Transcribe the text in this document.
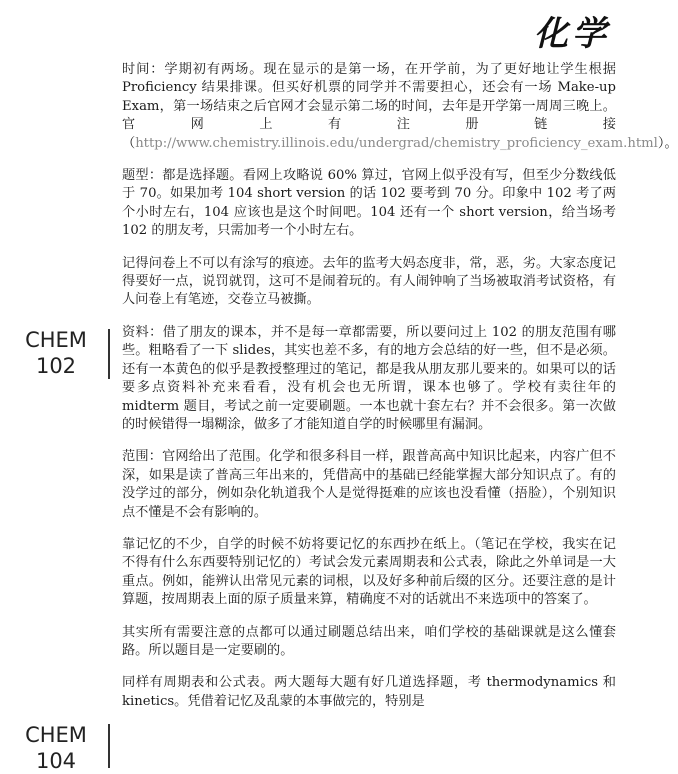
化学
CHEM
102
CHEM
104

时间：学期初有两场。现在显示的是第一场，在开学前，为了更好地让学生根据 Proficiency 结果排课。但买好机票的同学并不需要担心，还会有一场 Make-up Exam，第一场结束之后官网才会显示第二场的时间，去年是开学第一周周三晚上。官网上有注册链接（http://www.chemistry.illinois.edu/undergrad/chemistry_proficiency_exam.html）。

题型：都是选择题。看网上攻略说 60% 算过，官网上似乎没有写，但至少分数线低于 70。如果加考 104 short version 的话 102 要考到 70 分。印象中 102 考了两个小时左右，104 应该也是这个时间吧。104 还有一个 short version，给当场考 102 的朋友考，只需加考一个小时左右。

记得问卷上不可以有涂写的痕迹。去年的监考大妈态度非，常，恶，劣。大家态度记得要好一点，说罚就罚，这可不是闹着玩的。有人闹钟响了当场被取消考试资格，有人问卷上有笔迹，交卷立马被撕。

资料：借了朋友的课本，并不是每一章都需要，所以要问过上 102 的朋友范围有哪些。粗略看了一下 slides，其实也差不多，有的地方会总结的好一些，但不是必须。还有一本黄色的似乎是教授整理过的笔记，都是我从朋友那儿要来的。如果可以的话要多点资料补充来看看，没有机会也无所谓，课本也够了。学校有卖往年的 midterm 题目，考试之前一定要刷题。一本也就十套左右？并不会很多。第一次做的时候错得一塌糊涂，做多了才能知道自学的时候哪里有漏洞。

范围：官网给出了范围。化学和很多科目一样，跟普高高中知识比起来，内容广但不深，如果是读了普高三年出来的，凭借高中的基础已经能掌握大部分知识点了。有的没学过的部分，例如杂化轨道我个人是觉得挺难的应该也没看懂（捂脸），个别知识点不懂是不会有影响的。

靠记忆的不少，自学的时候不妨将要记忆的东西抄在纸上。（笔记在学校，我实在记不得有什么东西要特别记忆的）考试会发元素周期表和公式表，除此之外单词是一大重点。例如，能辨认出常见元素的词根，以及好多种前后缀的区分。还要注意的是计算题，按周期表上面的原子质量来算，精确度不对的话就出不来选项中的答案了。

其实所有需要注意的点都可以通过刷题总结出来，咱们学校的基础课就是这么懂套路。所以题目是一定要刷的。

同样有周期表和公式表。两大题每大题有好几道选择题，考 thermodynamics 和 kinetics。凭借着记忆及乱蒙的本事做完的，特别是
